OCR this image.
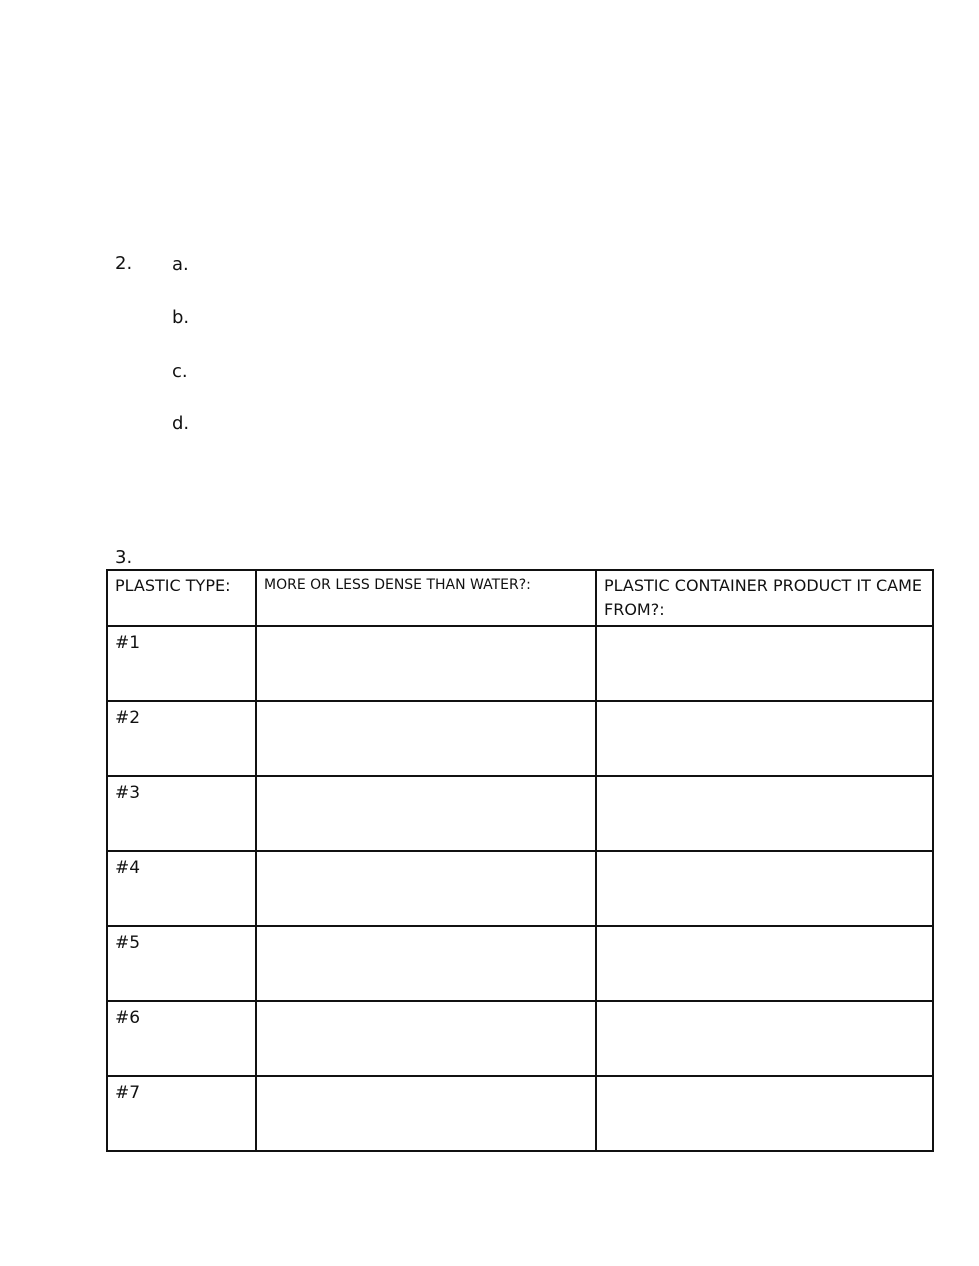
2. a.
b.
c.
d.
3.
PLASTIC TYPE:	MORE OR LESS DENSE THAN WATER?:	PLASTIC CONTAINER PRODUCT IT CAME FROM?:
#1		
#2		
#3		
#4		
#5		
#6		
#7		
